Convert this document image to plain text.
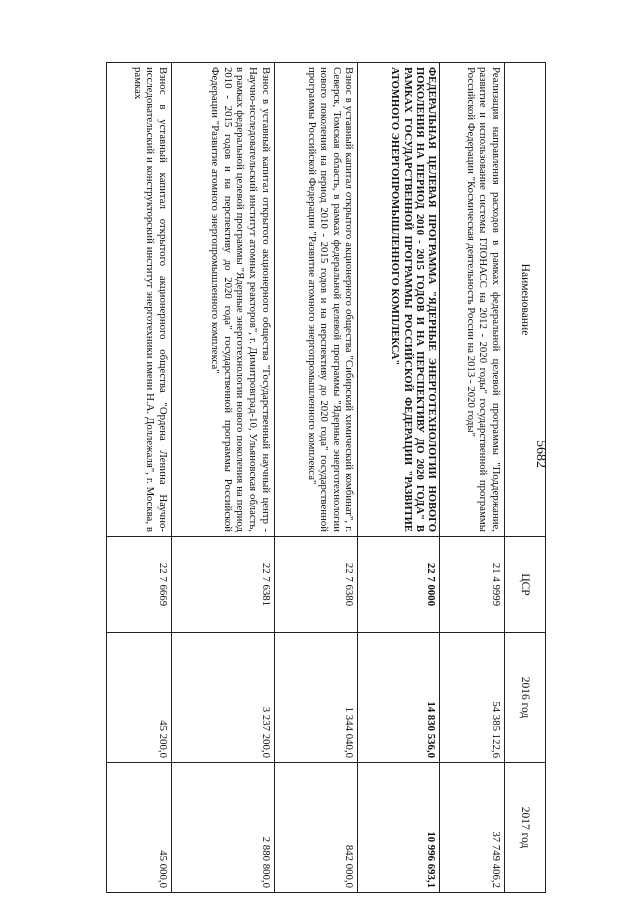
5682
Наименование	ЦСР	2016 год	2017 год
Реализация направления расходов в рамках федеральной целевой программы "Поддержание, развитие и использование системы ГЛОНАСС на 2012 - 2020 годы" государственной программы Российской Федерации "Космическая деятельность России на 2013 - 2020 годы"	21 4 9999	54 385 122,6	37 749 406,2
ФЕДЕРАЛЬНАЯ ЦЕЛЕВАЯ ПРОГРАММА "ЯДЕРНЫЕ ЭНЕРГОТЕХНОЛОГИИ НОВОГО ПОКОЛЕНИЯ НА ПЕРИОД 2010 - 2015 ГОДОВ И НА ПЕРСПЕКТИВУ ДО 2020 ГОДА" В РАМКАХ ГОСУДАРСТВЕННОЙ ПРОГРАММЫ РОССИЙСКОЙ ФЕДЕРАЦИИ "РАЗВИТИЕ АТОМНОГО ЭНЕРГОПРОМЫШЛЕННОГО КОМПЛЕКСА"	22 7 0000	14 830 536,0	10 996 693,1
Взнос в уставный капитал открытого акционерного общества "Сибирский химический комбинат", г. Северск, Томская область, в рамках федеральной целевой программы "Ядерные энерготехнологии нового поколения на период 2010 - 2015 годов и на перспективу до 2020 года" государственной программы Российской Федерации "Развитие атомного энергопромышленного комплекса"	22 7 6380	1 344 040,0	842 000,0
Взнос в уставный капитал открытого акционерного общества "Государственный научный центр - Научно-исследовательский институт атомных реакторов", г. Димитровград-10, Ульяновская область, в рамках федеральной целевой программы "Ядерные энерготехнологии нового поколения на период 2010 - 2015 годов и на перспективу до 2020 года" государственной программы Российской Федерации "Развитие атомного энергопромышленного комплекса"	22 7 6381	3 237 200,0	2 880 800,0
Взнос в уставный капитал открытого акционерного общества "Ордена Ленина Научно-исследовательский и конструкторский институт энерготехники имени Н.А. Доллежаля", г. Москва, в рамках	22 7 6669	45 200,0	45 000,0
